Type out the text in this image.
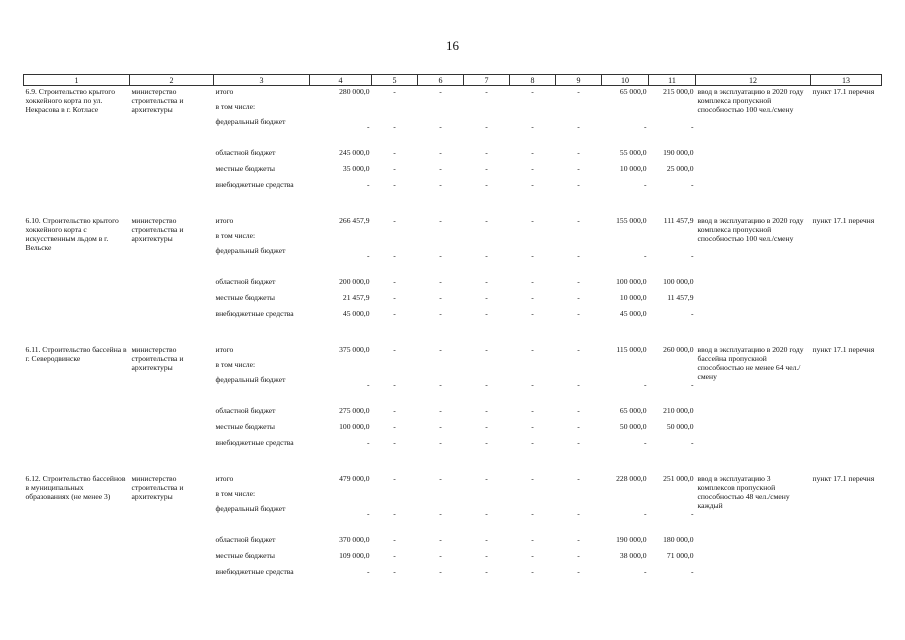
16
1	2	3	4	5	6	7	8	9	10	11	12	13
6.9. Строительство крытого хоккейного корта по ул. Некрасова в г. Котласе	министерство строительства и архитектуры	итого	280 000,0	-	-	-	-	-	65 000,0	215 000,0	ввод в эксплуатацию в 2020 году комплекса пропускной способностью 100 чел./смену	пункт 17.1 перечня
		в том числе:										
		федеральный бюджет	-	-	-	-	-	-	-	-		
		областной бюджет	245 000,0	-	-	-	-	-	55 000,0	190 000,0		
		местные бюджеты	35 000,0	-	-	-	-	-	10 000,0	25 000,0		
		внебюджетные средства	-	-	-	-	-	-	-	-		

6.10. Строительство крытого хоккейного корта с искусственным льдом в г. Вельске	министерство строительства и архитектуры	итого	266 457,9	-	-	-	-	-	155 000,0	111 457,9	ввод в эксплуатацию в 2020 году комплекса пропускной способностью 100 чел./смену	пункт 17.1 перечня
		в том числе:										
		федеральный бюджет	-	-	-	-	-	-	-	-		
		областной бюджет	200 000,0	-	-	-	-	-	100 000,0	100 000,0		
		местные бюджеты	21 457,9	-	-	-	-	-	10 000,0	11 457,9		
		внебюджетные средства	45 000,0	-	-	-	-	-	45 000,0	-		

6.11. Строительство бассейна в г. Северодвинске	министерство строительства и архитектуры	итого	375 000,0	-	-	-	-	-	115 000,0	260 000,0	ввод в эксплуатацию в 2020 году бассейна пропускной способностью не менее 64 чел./смену	пункт 17.1 перечня
		в том числе:										
		федеральный бюджет	-	-	-	-	-	-	-	-		
		областной бюджет	275 000,0	-	-	-	-	-	65 000,0	210 000,0		
		местные бюджеты	100 000,0	-	-	-	-	-	50 000,0	50 000,0		
		внебюджетные средства	-	-	-	-	-	-	-	-		

6.12. Строительство бассейнов в муниципальных образованиях (не менее 3)	министерство строительства и архитектуры	итого	479 000,0	-	-	-	-	-	228 000,0	251 000,0	ввод в эксплуатацию 3 комплексов пропускной способностью 48 чел./смену каждый	пункт 17.1 перечня
		в том числе:										
		федеральный бюджет	-	-	-	-	-	-	-	-		
		областной бюджет	370 000,0	-	-	-	-	-	190 000,0	180 000,0		
		местные бюджеты	109 000,0	-	-	-	-	-	38 000,0	71 000,0		
		внебюджетные средства	-	-	-	-	-	-	-	-		
